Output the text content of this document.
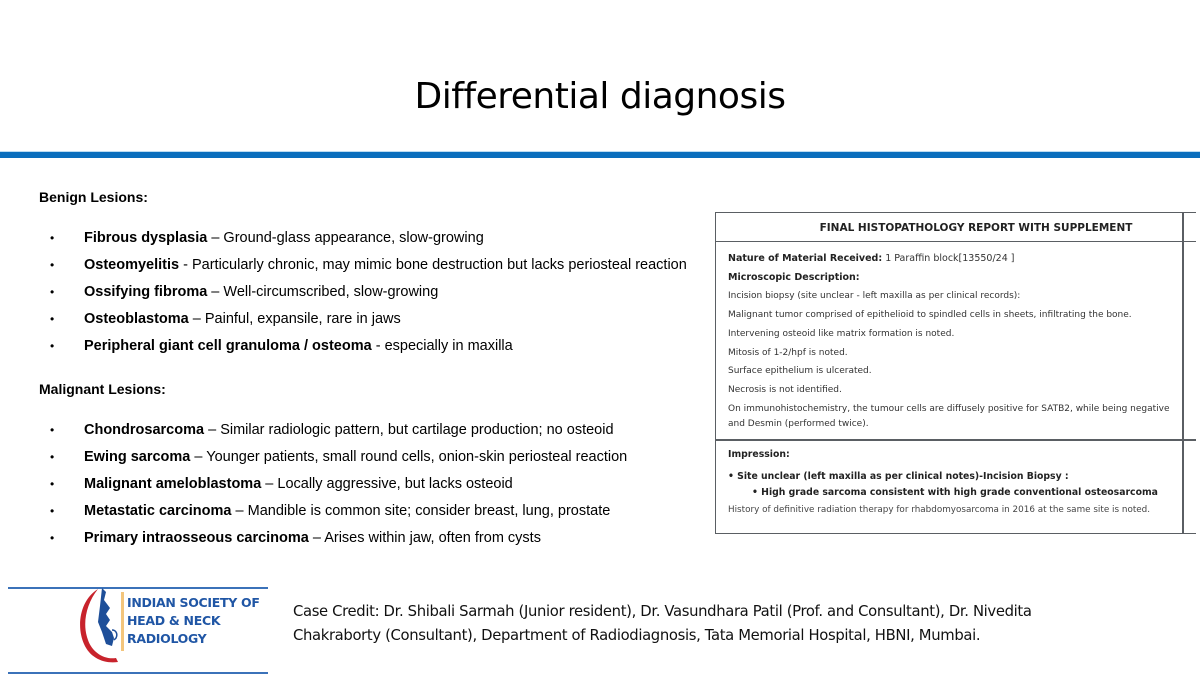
Differential diagnosis
Benign Lesions:
• Fibrous dysplasia – Ground-glass appearance, slow-growing
• Osteomyelitis - Particularly chronic, may mimic bone destruction but lacks periosteal reaction
• Ossifying fibroma – Well-circumscribed, slow-growing
• Osteoblastoma – Painful, expansile, rare in jaws
• Peripheral giant cell granuloma / osteoma - especially in maxilla
Malignant Lesions:
• Chondrosarcoma – Similar radiologic pattern, but cartilage production; no osteoid
• Ewing sarcoma – Younger patients, small round cells, onion-skin periosteal reaction
• Malignant ameloblastoma – Locally aggressive, but lacks osteoid
• Metastatic carcinoma – Mandible is common site; consider breast, lung, prostate
• Primary intraosseous carcinoma – Arises within jaw, often from cysts
FINAL HISTOPATHOLOGY REPORT WITH SUPPLEMENT

Nature of Material Received: 1 Paraffin block[13550/24 ]

Microscopic Description:

Incision biopsy (site unclear - left maxilla as per clinical records):

Malignant tumor comprised of epithelioid to spindled cells in sheets, infiltrating the bone.

Intervening osteoid like matrix formation is noted.

Mitosis of 1-2/hpf is noted.

Surface epithelium is ulcerated.

Necrosis is not identified.

On immunohistochemistry, the tumour cells are diffusely positive for SATB2, while being negative

and Desmin (performed twice).

Impression:

• Site unclear (left maxilla as per clinical notes)-Incision Biopsy :

• High grade sarcoma consistent with high grade conventional osteosarcoma

History of definitive radiation therapy for rhabdomyosarcoma in 2016 at the same site is noted.

INDIAN SOCIETY OF
HEAD & NECK
RADIOLOGY
Case Credit: Dr. Shibali Sarmah (Junior resident), Dr. Vasundhara Patil (Prof. and Consultant), Dr. Nivedita
Chakraborty (Consultant), Department of Radiodiagnosis, Tata Memorial Hospital, HBNI, Mumbai.
